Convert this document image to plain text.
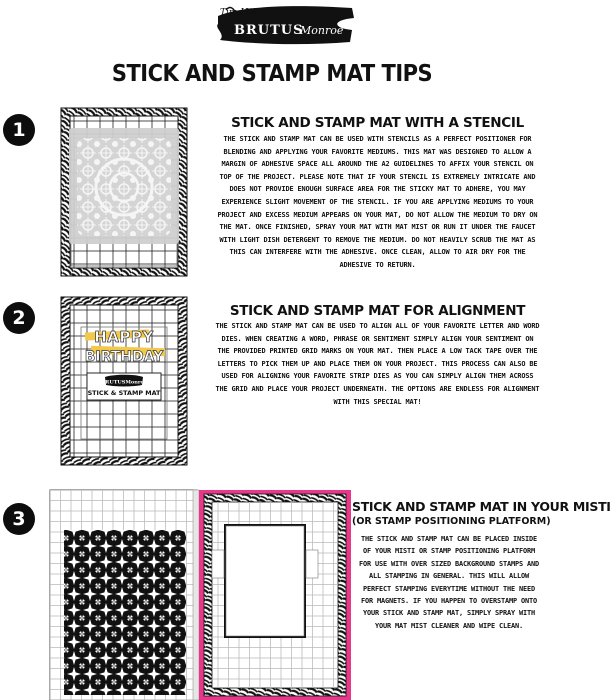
Tim Holtz
BRUTUS
Monroe
STICK AND STAMP MAT TIPS
1	STICK AND STAMP MAT WITH A STENCIL
THE STICK AND STAMP MAT CAN BE USED WITH STENCILS AS A PERFECT POSITIONER FOR BLENDING AND APPLYING YOUR FAVORITE MEDIUMS. THIS MAT WAS DESIGNED TO ALLOW A MARGIN OF ADHESIVE SPACE ALL AROUND THE A2 GUIDELINES TO AFFIX YOUR STENCIL ON TOP OF THE PROJECT. PLEASE NOTE THAT IF YOUR STENCIL IS EXTREMELY INTRICATE AND DOES NOT PROVIDE ENOUGH SURFACE AREA FOR THE STICKY MAT TO ADHERE, YOU MAY EXPERIENCE SLIGHT MOVEMENT OF THE STENCIL. IF YOU ARE APPLYING MEDIUMS TO YOUR PROJECT AND EXCESS MEDIUM APPEARS ON YOUR MAT, DO NOT ALLOW THE MEDIUM TO DRY ON THE MAT. ONCE FINISHED, SPRAY YOUR MAT WITH MAT MIST OR RUN IT UNDER THE FAUCET WITH LIGHT DISH DETERGENT TO REMOVE THE MEDIUM. DO NOT HEAVILY SCRUB THE MAT AS THIS CAN INTERFERE WITH THE ADHESIVE. ONCE CLEAN, ALLOW TO AIR DRY FOR THE ADHESIVE TO RETURN.
2
HAPPY
BIRTHDAY
BRUTUSMonroe
STICK & STAMP MAT
STICK AND STAMP MAT FOR ALIGNMENT
THE STICK AND STAMP MAT CAN BE USED TO ALIGN ALL OF YOUR FAVORITE LETTER AND WORD DIES. WHEN CREATING A WORD, PHRASE OR SENTIMENT SIMPLY ALIGN YOUR SENTIMENT ON THE PROVIDED PRINTED GRID MARKS ON YOUR MAT. THEN PLACE A LOW TACK TAPE OVER THE LETTERS TO PICK THEM UP AND PLACE THEM ON YOUR PROJECT. THIS PROCESS CAN ALSO BE USED FOR ALIGNING YOUR FAVORITE STRIP DIES AS YOU CAN SIMPLY ALIGN THEM ACROSS THE GRID AND PLACE YOUR PROJECT UNDERNEATH. THE OPTIONS ARE ENDLESS FOR ALIGNMENT WITH THIS SPECIAL MAT!
3
STICK AND STAMP MAT IN YOUR MISTI
(OR STAMP POSITIONING PLATFORM)
THE STICK AND STAMP MAT CAN BE PLACED INSIDE OF YOUR MISTI OR STAMP POSITIONING PLATFORM FOR USE WITH OVER SIZED BACKGROUND STAMPS AND ALL STAMPING IN GENERAL. THIS WILL ALLOW PERFECT STAMPING EVERYTIME WITHOUT THE NEED FOR MAGNETS. IF YOU HAPPEN TO OVERSTAMP ONTO YOUR STICK AND STAMP MAT, SIMPLY SPRAY WITH YOUR MAT MIST CLEANER AND WIPE CLEAN.
